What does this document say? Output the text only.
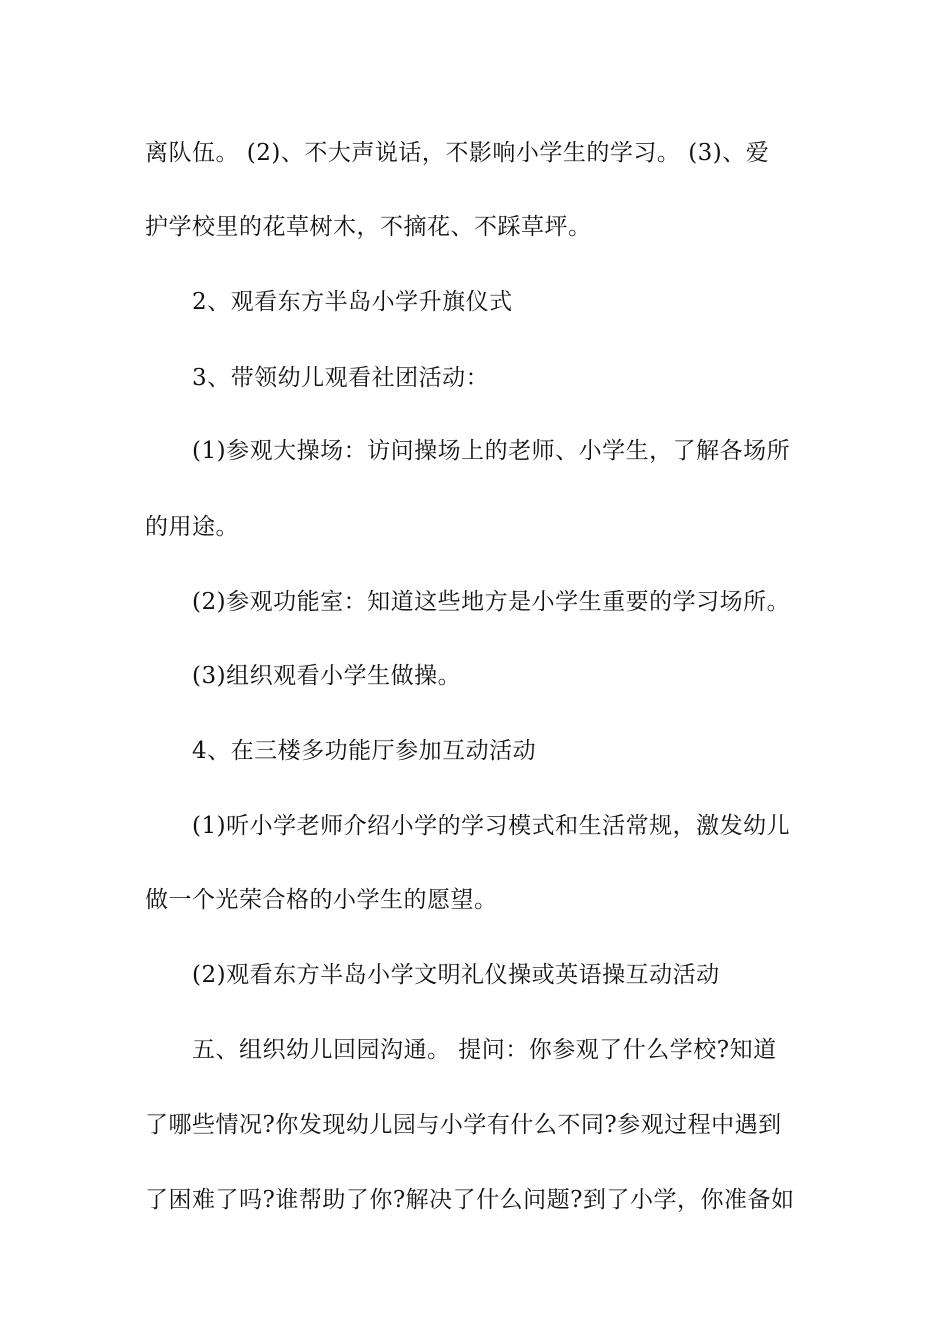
离队伍。 (2)、不大声说话，不影响小学生的学习。 (3)、爱
护学校里的花草树木，不摘花、不踩草坪。
2、观看东方半岛小学升旗仪式
3、带领幼儿观看社团活动：
(1)参观大操场：访问操场上的老师、小学生，了解各场所
的用途。
(2)参观功能室：知道这些地方是小学生重要的学习场所。
(3)组织观看小学生做操。
4、在三楼多功能厅参加互动活动
(1)听小学老师介绍小学的学习模式和生活常规，激发幼儿
做一个光荣合格的小学生的愿望。
(2)观看东方半岛小学文明礼仪操或英语操互动活动
五、组织幼儿回园沟通。 提问：你参观了什么学校?知道
了哪些情况?你发现幼儿园与小学有什么不同?参观过程中遇到
了困难了吗?谁帮助了你?解决了什么问题?到了小学，你准备如
